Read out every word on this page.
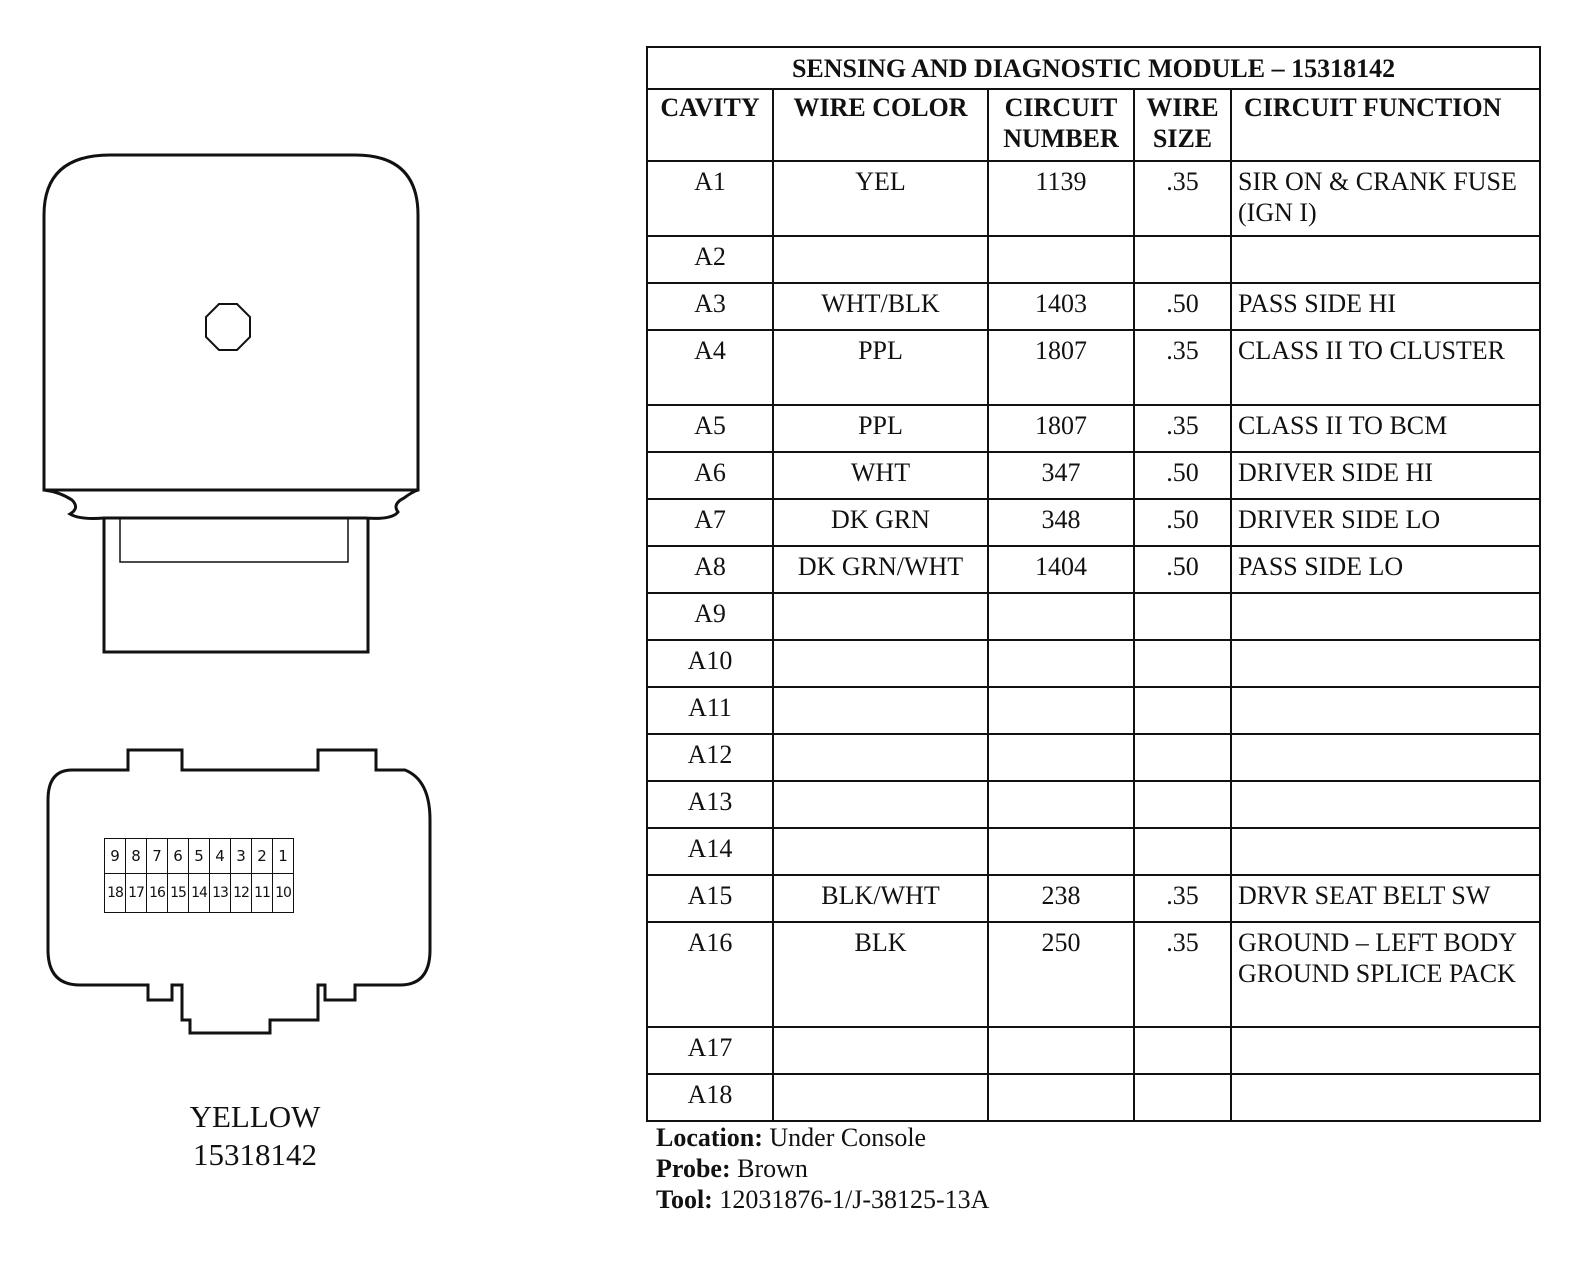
9	8	7	6	5	4	3	2	1
18	17	16	15	14	13	12	11	10
YELLOW
15318142
SENSING AND DIAGNOSTIC MODULE – 15318142				
CAVITY	WIRE COLOR	CIRCUIT NUMBER	WIRE SIZE	CIRCUIT FUNCTION
A1	YEL	1139	.35	SIR ON & CRANK FUSE (IGN I)
A2				
A3	WHT/BLK	1403	.50	PASS SIDE HI
A4	PPL	1807	.35	CLASS II TO CLUSTER
A5	PPL	1807	.35	CLASS II TO BCM
A6	WHT	347	.50	DRIVER SIDE HI
A7	DK GRN	348	.50	DRIVER SIDE LO
A8	DK GRN/WHT	1404	.50	PASS SIDE LO
A9				
A10				
A11				
A12				
A13				
A14				
A15	BLK/WHT	238	.35	DRVR SEAT BELT SW
A16	BLK	250	.35	GROUND – LEFT BODY GROUND SPLICE PACK
A17				
A18				
Location: Under Console
Probe: Brown
Tool: 12031876-1/J-38125-13A
